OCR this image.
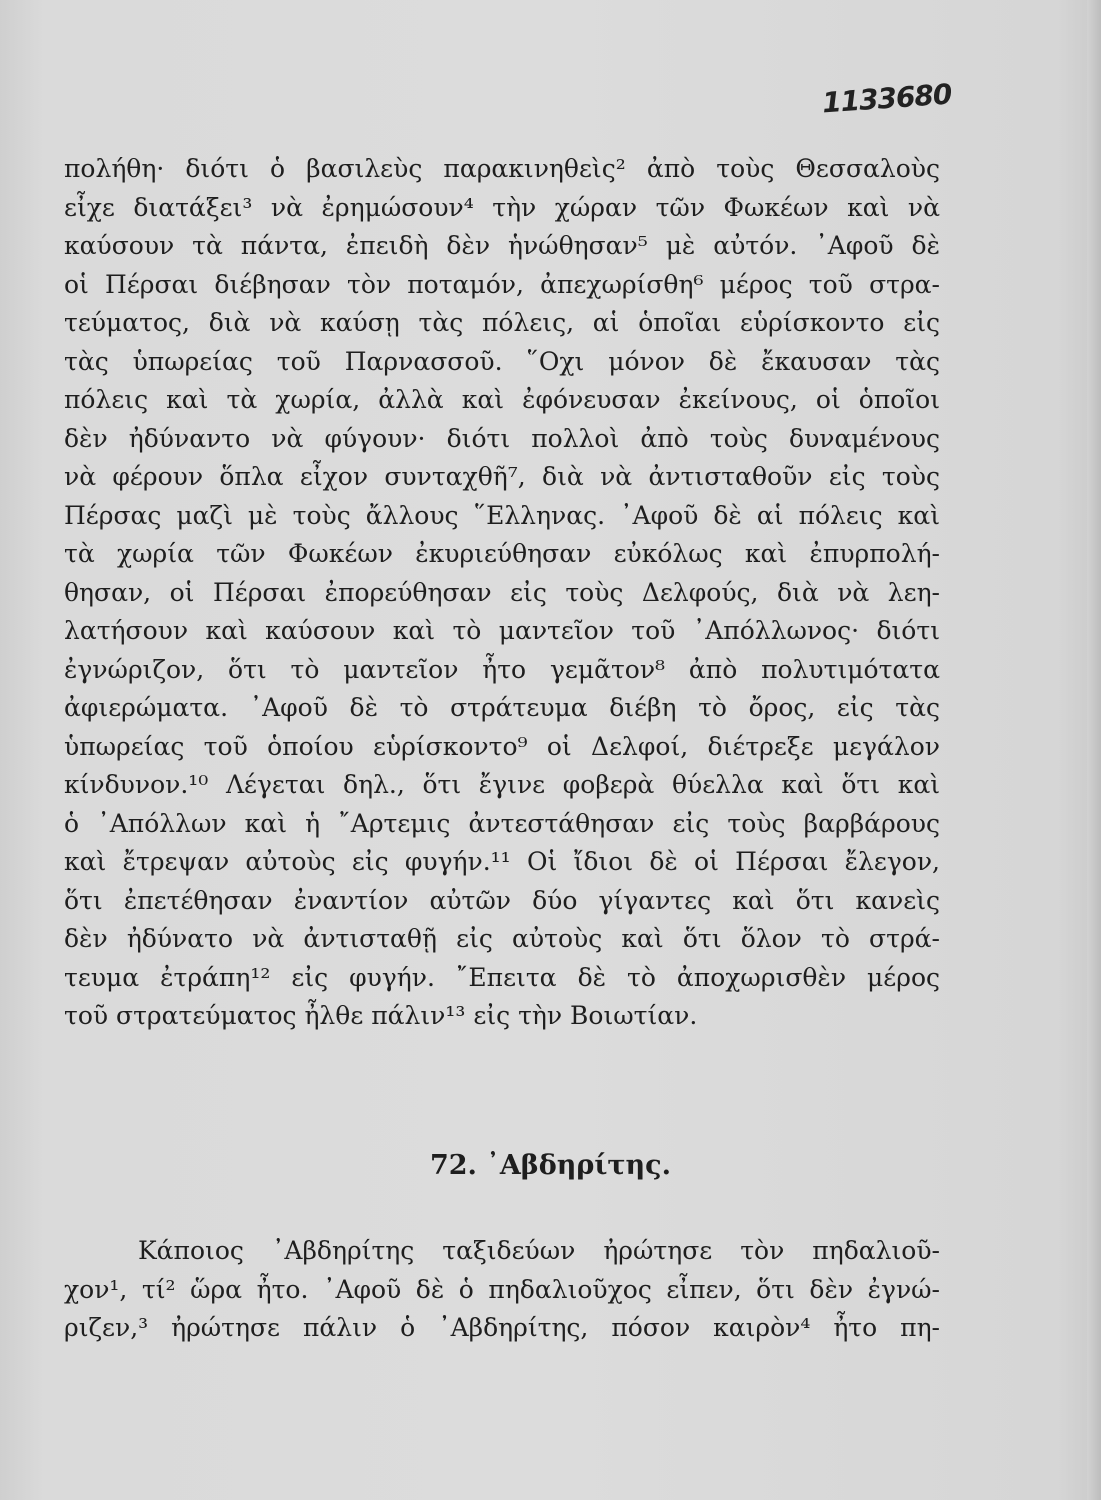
1133680
πολήθη· διότι ὁ βασιλεὺς παρακινηθεὶς² ἀπὸ τοὺς Θεσσαλοὺς
εἶχε διατάξει³ νὰ ἐρημώσουν⁴ τὴν χώραν τῶν Φωκέων καὶ νὰ
καύσουν τὰ πάντα, ἐπειδὴ δὲν ἡνώθησαν⁵ μὲ αὐτόν. ᾿Αφοῦ δὲ
οἱ Πέρσαι διέβησαν τὸν ποταμόν, ἀπεχωρίσθη⁶ μέρος τοῦ στρα-
τεύματος, διὰ νὰ καύσῃ τὰς πόλεις, αἱ ὁποῖαι εὑρίσκοντο εἰς
τὰς ὑπωρείας τοῦ Παρνασσοῦ. ῞Οχι μόνον δὲ ἔκαυσαν τὰς
πόλεις καὶ τὰ χωρία, ἀλλὰ καὶ ἐφόνευσαν ἐκείνους, οἱ ὁποῖοι
δὲν ἠδύναντο νὰ φύγουν· διότι πολλοὶ ἀπὸ τοὺς δυναμένους
νὰ φέρουν ὅπλα εἶχον συνταχθῆ⁷, διὰ νὰ ἀντισταθοῦν εἰς τοὺς
Πέρσας μαζὶ μὲ τοὺς ἄλλους ῞Ελληνας. ᾿Αφοῦ δὲ αἱ πόλεις καὶ
τὰ χωρία τῶν Φωκέων ἐκυριεύθησαν εὐκόλως καὶ ἐπυρπολή-
θησαν, οἱ Πέρσαι ἐπορεύθησαν εἰς τοὺς Δελφούς, διὰ νὰ λεη-
λατήσουν καὶ καύσουν καὶ τὸ μαντεῖον τοῦ ᾿Απόλλωνος· διότι
ἐγνώριζον, ὅτι τὸ μαντεῖον ἦτο γεμᾶτον⁸ ἀπὸ πολυτιμότατα
ἀφιερώματα. ᾿Αφοῦ δὲ τὸ στράτευμα διέβη τὸ ὄρος, εἰς τὰς
ὑπωρείας τοῦ ὁποίου εὑρίσκοντο⁹ οἱ Δελφοί, διέτρεξε μεγάλον
κίνδυνον.¹⁰ Λέγεται δηλ., ὅτι ἔγινε φοβερὰ θύελλα καὶ ὅτι καὶ
ὁ ᾿Απόλλων καὶ ἡ ῎Αρτεμις ἀντεστάθησαν εἰς τοὺς βαρβάρους
καὶ ἔτρεψαν αὐτοὺς εἰς φυγήν.¹¹ Οἱ ἴδιοι δὲ οἱ Πέρσαι ἔλεγον,
ὅτι ἐπετέθησαν ἐναντίον αὐτῶν δύο γίγαντες καὶ ὅτι κανεὶς
δὲν ἠδύνατο νὰ ἀντισταθῇ εἰς αὐτοὺς καὶ ὅτι ὅλον τὸ στρά-
τευμα ἐτράπη¹² εἰς φυγήν. ῎Επειτα δὲ τὸ ἀποχωρισθὲν μέρος
τοῦ στρατεύματος ἦλθε πάλιν¹³ εἰς τὴν Βοιωτίαν.
72. ᾿Αβδηρίτης.
Κάποιος ᾿Αβδηρίτης ταξιδεύων ἠρώτησε τὸν πηδαλιοῦ-
χον¹, τί² ὥρα ἦτο. ᾿Αφοῦ δὲ ὁ πηδαλιοῦχος εἶπεν, ὅτι δὲν ἐγνώ-
ριζεν,³ ἠρώτησε πάλιν ὁ ᾿Αβδηρίτης, πόσον καιρὸν⁴ ἦτο πη-
